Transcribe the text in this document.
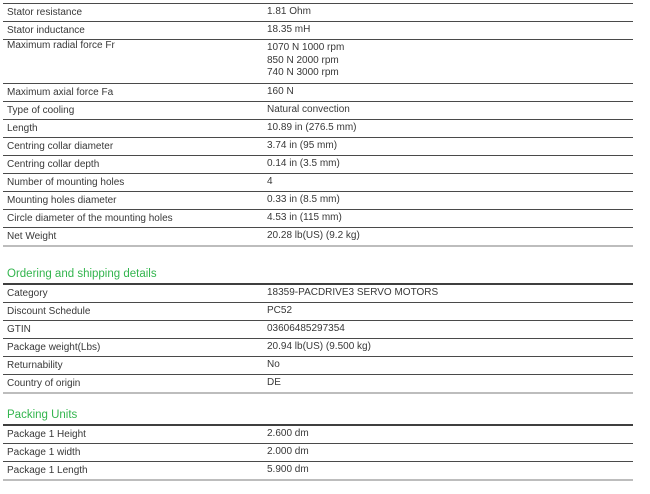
Stator resistance	1.81 Ohm
Stator inductance	18.35 mH
Maximum radial force Fr	1070 N 1000 rpm
850 N 2000 rpm
740 N 3000 rpm
Maximum axial force Fa	160 N
Type of cooling	Natural convection
Length	10.89 in (276.5 mm)
Centring collar diameter	3.74 in (95 mm)
Centring collar depth	0.14 in (3.5 mm)
Number of mounting holes	4
Mounting holes diameter	0.33 in (8.5 mm)
Circle diameter of the mounting holes	4.53 in (115 mm)
Net Weight	20.28 lb(US) (9.2 kg)
Ordering and shipping details
Category	18359-PACDRIVE3 SERVO MOTORS
Discount Schedule	PC52
GTIN	03606485297354
Package weight(Lbs)	20.94 lb(US) (9.500 kg)
Returnability	No
Country of origin	DE
Packing Units
Package 1 Height	2.600 dm
Package 1 width	2.000 dm
Package 1 Length	5.900 dm
